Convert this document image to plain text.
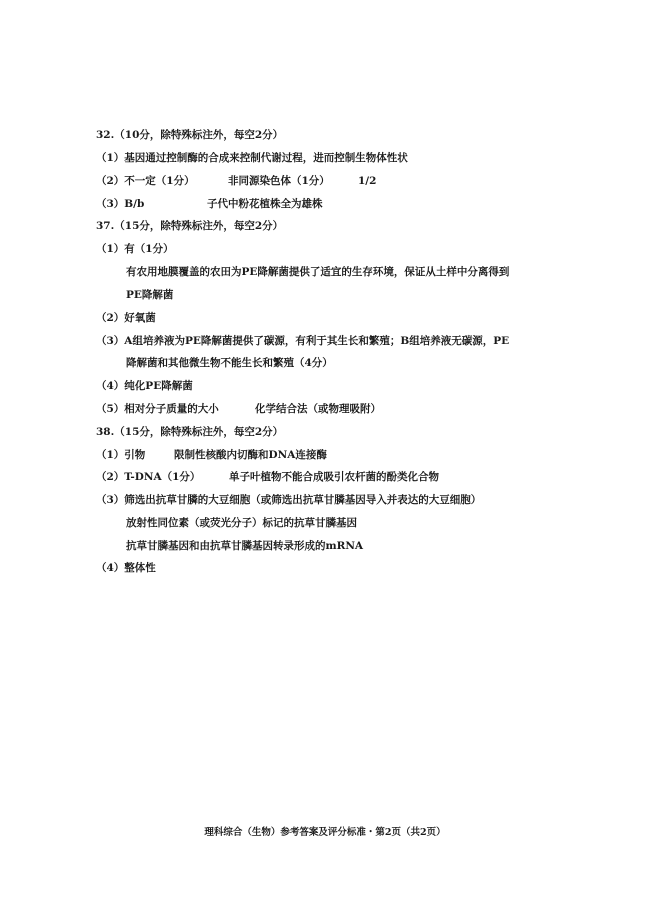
32.（10分，除特殊标注外，每空2分）
（1）基因通过控制酶的合成来控制代谢过程，进而控制生物体性状
（2）不一定（1分）	非同源染色体（1分）	1/2
（3）B/b	子代中粉花植株全为雄株
37.（15分，除特殊标注外，每空2分）
（1）有（1分）
有农用地膜覆盖的农田为PE降解菌提供了适宜的生存环境，保证从土样中分离得到
PE降解菌
（2）好氧菌
（3）A组培养液为PE降解菌提供了碳源，有利于其生长和繁殖；B组培养液无碳源，PE
降解菌和其他微生物不能生长和繁殖（4分）
（4）纯化PE降解菌
（5）相对分子质量的大小	化学结合法（或物理吸附）
38.（15分，除特殊标注外，每空2分）
（1）引物	限制性核酸内切酶和DNA连接酶
（2）T-DNA（1分）	单子叶植物不能合成吸引农杆菌的酚类化合物
（3）筛选出抗草甘膦的大豆细胞（或筛选出抗草甘膦基因导入并表达的大豆细胞）
放射性同位素（或荧光分子）标记的抗草甘膦基因
抗草甘膦基因和由抗草甘膦基因转录形成的mRNA
（4）整体性
理科综合（生物）参考答案及评分标准・第2页（共2页）
